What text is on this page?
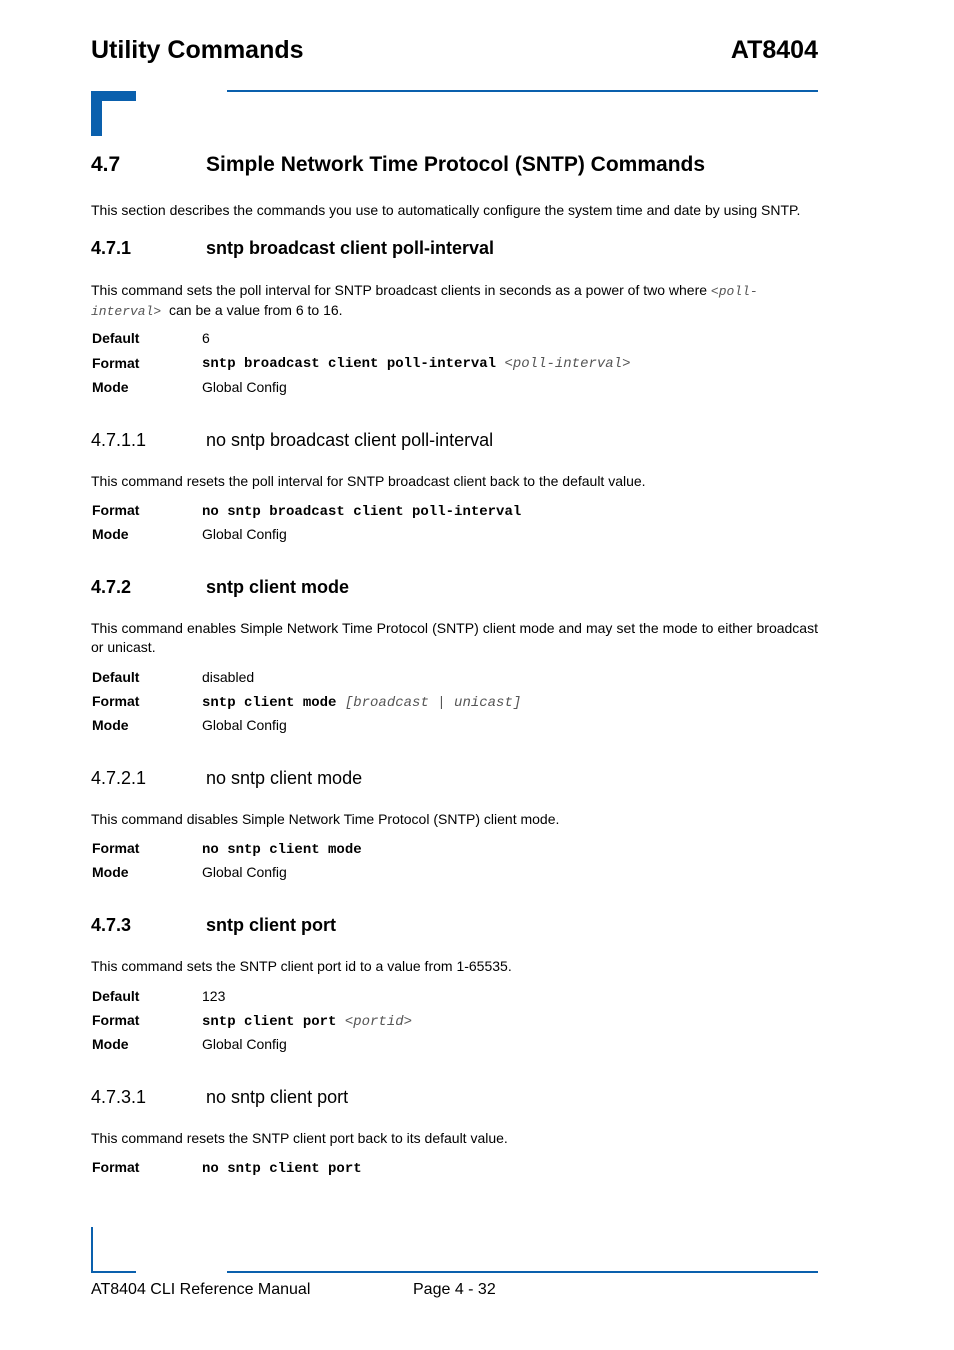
Utility Commands	AT8404
4.7	Simple Network Time Protocol (SNTP) Commands
This section describes the commands you use to automatically configure the system time and date by using SNTP.
4.7.1	sntp broadcast client poll-interval
This command sets the poll interval for SNTP broadcast clients in seconds as a power of two where <poll-
interval> can be a value from 6 to 16.
Default	6
Format	sntp broadcast client poll-interval <poll-interval>
Mode	Global Config
4.7.1.1	no sntp broadcast client poll-interval
This command resets the poll interval for SNTP broadcast client back to the default value.
Format	no sntp broadcast client poll-interval
Mode	Global Config
4.7.2	sntp client mode
This command enables Simple Network Time Protocol (SNTP) client mode and may set the mode to either broadcast or unicast.
Default	disabled
Format	sntp client mode [broadcast | unicast]
Mode	Global Config
4.7.2.1	no sntp client mode
This command disables Simple Network Time Protocol (SNTP) client mode.
Format	no sntp client mode
Mode	Global Config
4.7.3	sntp client port
This command sets the SNTP client port id to a value from 1-65535.
Default	123
Format	sntp client port <portid>
Mode	Global Config
4.7.3.1	no sntp client port
This command resets the SNTP client port back to its default value.
Format	no sntp client port
AT8404 CLI Reference Manual	Page 4 - 32
